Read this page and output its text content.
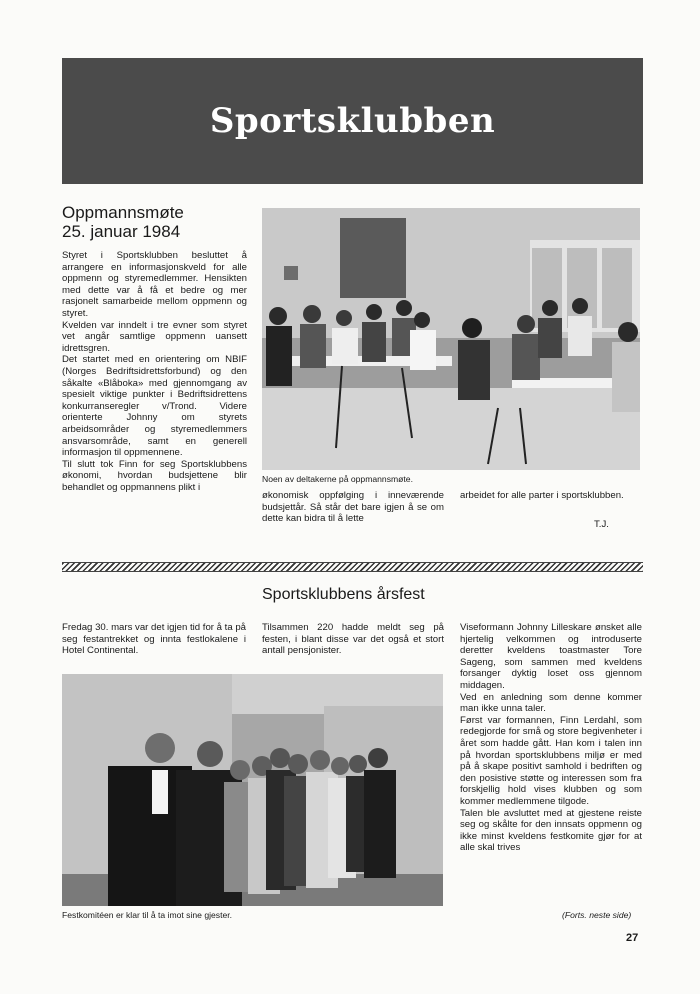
Sportsklubben
Oppmannsmøte
25. januar 1984

Styret i Sportsklubben besluttet å arrangere en informasjonskveld for alle oppmenn og styremedlemmer. Hensikten med dette var å få et bedre og mer rasjonelt samarbeide mellom oppmenn og styret.

Kvelden var inndelt i tre evner som styret vet angår samtlige oppmenn uansett idrettsgren.

Det startet med en orientering om NBIF (Norges Bedriftsidrettsforbund) og den såkalte «Blåboka» med gjennomgang av spesielt viktige punkter i Bedriftsidrettens konkurranseregler v/Trond. Videre orienterte Johnny om styrets arbeidsområder og styremedlemmers ansvarsområde, samt en generell informasjon til oppmennene.

Til slutt tok Finn for seg Sportsklubbens økonomi, hvordan budsjettene blir behandlet og oppmannens plikt i

Noen av deltakerne på oppmannsmøte.
økonomisk oppfølging i inneværende budsjettår. Så står det bare igjen å se om dette kan bidra til å lette
arbeidet for alle parter i sportsklubben.
T.J.
Sportsklubbens årsfest
Fredag 30. mars var det igjen tid for å ta på seg festantrekket og innta festlokalene i Hotel Continental.
Tilsammen 220 hadde meldt seg på festen, i blant disse var det også et stort antall pensjonister.

Viseformann Johnny Lilleskare ønsket alle hjertelig velkommen og introduserte deretter kveldens toastmaster Tore Sageng, som sammen med kveldens forsanger dyktig loset oss gjennom middagen.

Ved en anledning som denne kommer man ikke unna taler.

Først var formannen, Finn Lerdahl, som redegjorde for små og store begivenheter i året som hadde gått. Han kom i talen inn på hvordan sportsklubbens miljø er med på å skape positivt samhold i bedriften og den posistive støtte og interessen som fra forskjellig hold vises klubben og som kommer medlemmene tilgode.

Talen ble avsluttet med at gjestene reiste seg og skålte for den innsats oppmenn og ikke minst kveldens festkomite gjør for at alle skal trives

Festkomitéen er klar til å ta imot sine gjester.	(Forts. neste side)
27
